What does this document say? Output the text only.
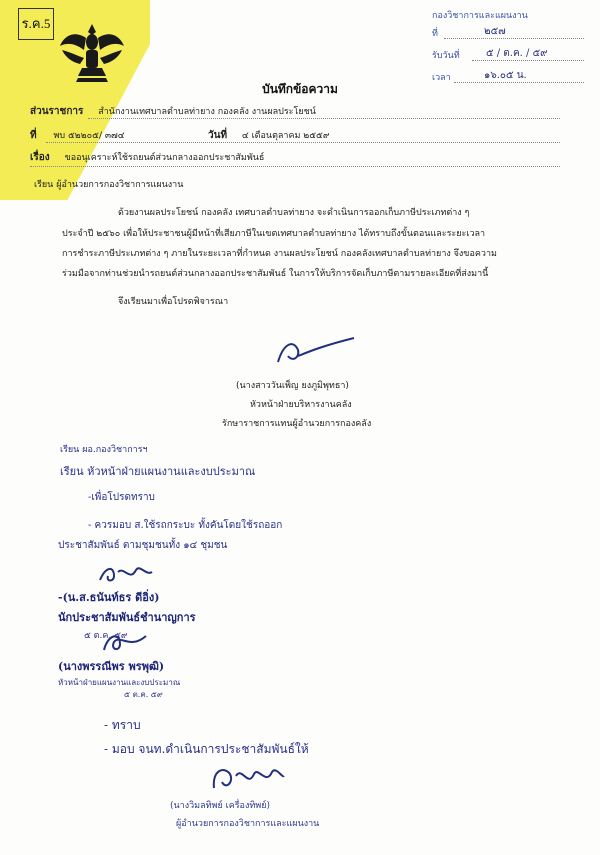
ร.ค.5
กองวิชาการและแผนงาน
ที่	๒๕๗
รับวันที่	๕ / ต.ค. / ๕๙
เวลา	๑๖.๐๕ น.
บันทึกข้อความ
ส่วนราชการ สำนักงานเทศบาลตำบลท่ายาง กองคลัง งานผลประโยชน์
ที่ พบ ๕๒๒๐๕/ ๓๗๔	วันที่ ๔ เดือนตุลาคม ๒๕๕๙
เรื่อง ขออนุเคราะห์ใช้รถยนต์ส่วนกลางออกประชาสัมพันธ์
เรียน ผู้อำนวยการกองวิชาการแผนงาน
ด้วยงานผลประโยชน์ กองคลัง เทศบาลตำบลท่ายาง จะดำเนินการออกเก็บภาษีประเภทต่าง ๆ
ประจำปี ๒๕๖๐ เพื่อให้ประชาชนผู้มีหน้าที่เสียภาษีในเขตเทศบาลตำบลท่ายาง ได้ทราบถึงขั้นตอนและระยะเวลา
การชำระภาษีประเภทต่าง ๆ ภายในระยะเวลาที่กำหนด งานผลประโยชน์ กองคลังเทศบาลตำบลท่ายาง จึงขอความ
ร่วมมือจากท่านช่วยนำรถยนต์ส่วนกลางออกประชาสัมพันธ์ ในการให้บริการจัดเก็บภาษีตามรายละเอียดที่ส่งมานี้
จึงเรียนมาเพื่อโปรดพิจารณา
(นางสาววันเพ็ญ ยงภูมิพุทธา)
หัวหน้าฝ่ายบริหารงานคลัง
รักษาราชการแทนผู้อำนวยการกองคลัง
เรียน ผอ.กองวิชาการฯ
เรียน หัวหน้าฝ่ายแผนงานและงบประมาณ
-เพื่อโปรดทราบ
- ควรมอบ ส.ใช้รถกระบะ ทั้งคันโดยใช้รถออก
ประชาสัมพันธ์ ตามชุมชนทั้ง ๑๔ ชุมชน
-(น.ส.ธนันท์ธร ดีอิ่ง)
นักประชาสัมพันธ์ชำนาญการ
๕ ต.ค. ๕๙
(นางพรรณีพร พรพุฒิ)
หัวหน้าฝ่ายแผนงานและงบประมาณ
๕ ต.ค. ๕๙
- ทราบ
- มอบ จนท.ดำเนินการประชาสัมพันธ์ให้
(นางวิมลทิพย์ เครื่องทิพย์)
ผู้อำนวยการกองวิชาการและแผนงาน
